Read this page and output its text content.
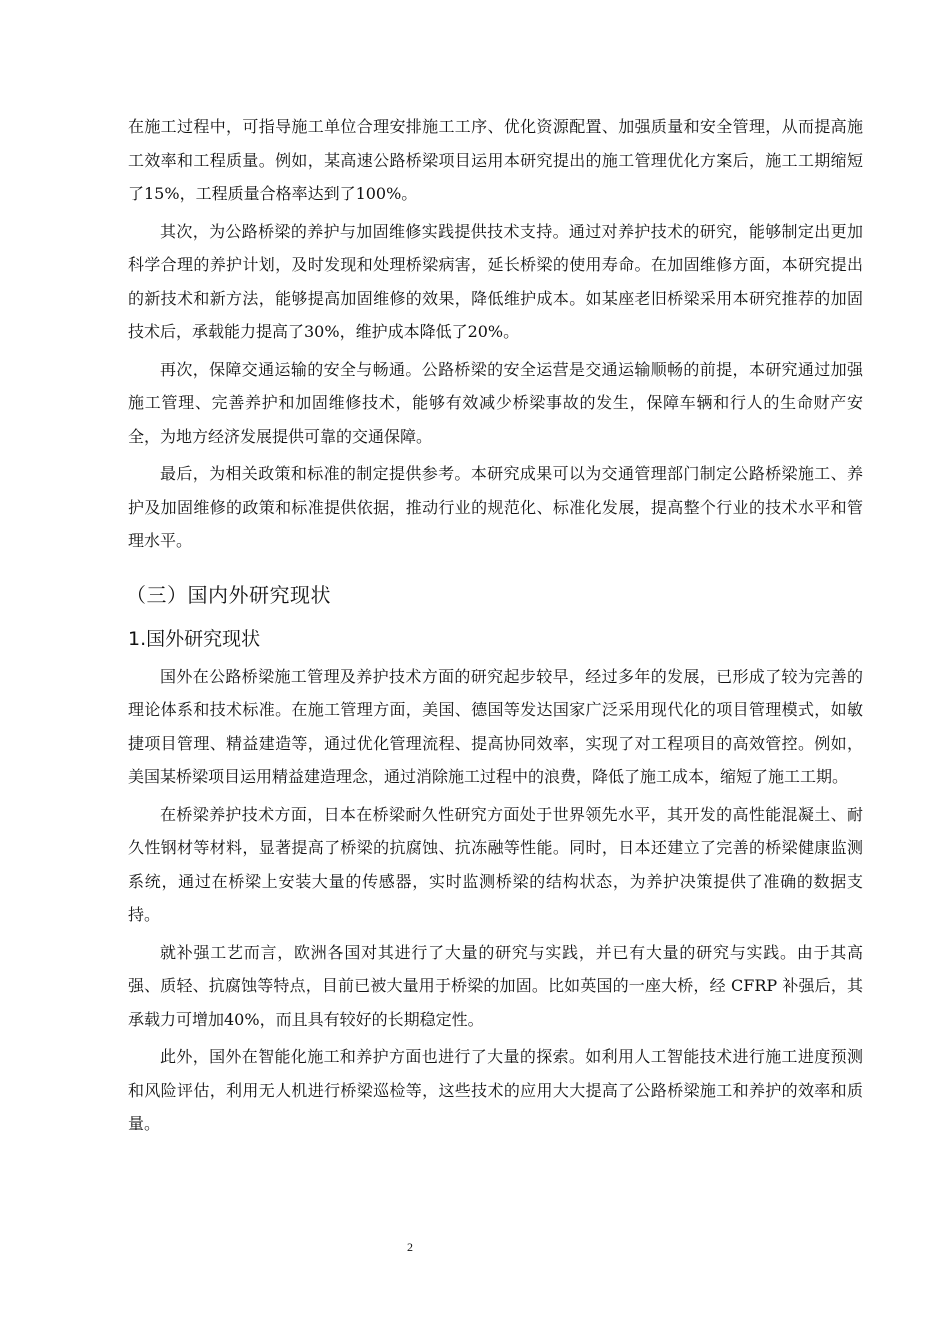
在施工过程中，可指导施工单位合理安排施工工序、优化资源配置、加强质量和安全管理，从而提高施工效率和工程质量。例如，某高速公路桥梁项目运用本研究提出的施工管理优化方案后，施工工期缩短了15%，工程质量合格率达到了100%。

其次，为公路桥梁的养护与加固维修实践提供技术支持。通过对养护技术的研究，能够制定出更加科学合理的养护计划，及时发现和处理桥梁病害，延长桥梁的使用寿命。在加固维修方面，本研究提出的新技术和新方法，能够提高加固维修的效果，降低维护成本。如某座老旧桥梁采用本研究推荐的加固技术后，承载能力提高了30%，维护成本降低了20%。

再次，保障交通运输的安全与畅通。公路桥梁的安全运营是交通运输顺畅的前提，本研究通过加强施工管理、完善养护和加固维修技术，能够有效减少桥梁事故的发生，保障车辆和行人的生命财产安全，为地方经济发展提供可靠的交通保障。

最后，为相关政策和标准的制定提供参考。本研究成果可以为交通管理部门制定公路桥梁施工、养护及加固维修的政策和标准提供依据，推动行业的规范化、标准化发展，提高整个行业的技术水平和管理水平。

（三）国内外研究现状
1.国外研究现状

国外在公路桥梁施工管理及养护技术方面的研究起步较早，经过多年的发展，已形成了较为完善的理论体系和技术标准。在施工管理方面，美国、德国等发达国家广泛采用现代化的项目管理模式，如敏捷项目管理、精益建造等，通过优化管理流程、提高协同效率，实现了对工程项目的高效管控。例如，美国某桥梁项目运用精益建造理念，通过消除施工过程中的浪费，降低了施工成本，缩短了施工工期。

在桥梁养护技术方面，日本在桥梁耐久性研究方面处于世界领先水平，其开发的高性能混凝土、耐久性钢材等材料，显著提高了桥梁的抗腐蚀、抗冻融等性能。同时，日本还建立了完善的桥梁健康监测系统，通过在桥梁上安装大量的传感器，实时监测桥梁的结构状态，为养护决策提供了准确的数据支持。

就补强工艺而言，欧洲各国对其进行了大量的研究与实践，并已有大量的研究与实践。由于其高强、质轻、抗腐蚀等特点，目前已被大量用于桥梁的加固。比如英国的一座大桥，经 CFRP 补强后，其承载力可增加40%，而且具有较好的长期稳定性。

此外，国外在智能化施工和养护方面也进行了大量的探索。如利用人工智能技术进行施工进度预测和风险评估，利用无人机进行桥梁巡检等，这些技术的应用大大提高了公路桥梁施工和养护的效率和质量。

2
